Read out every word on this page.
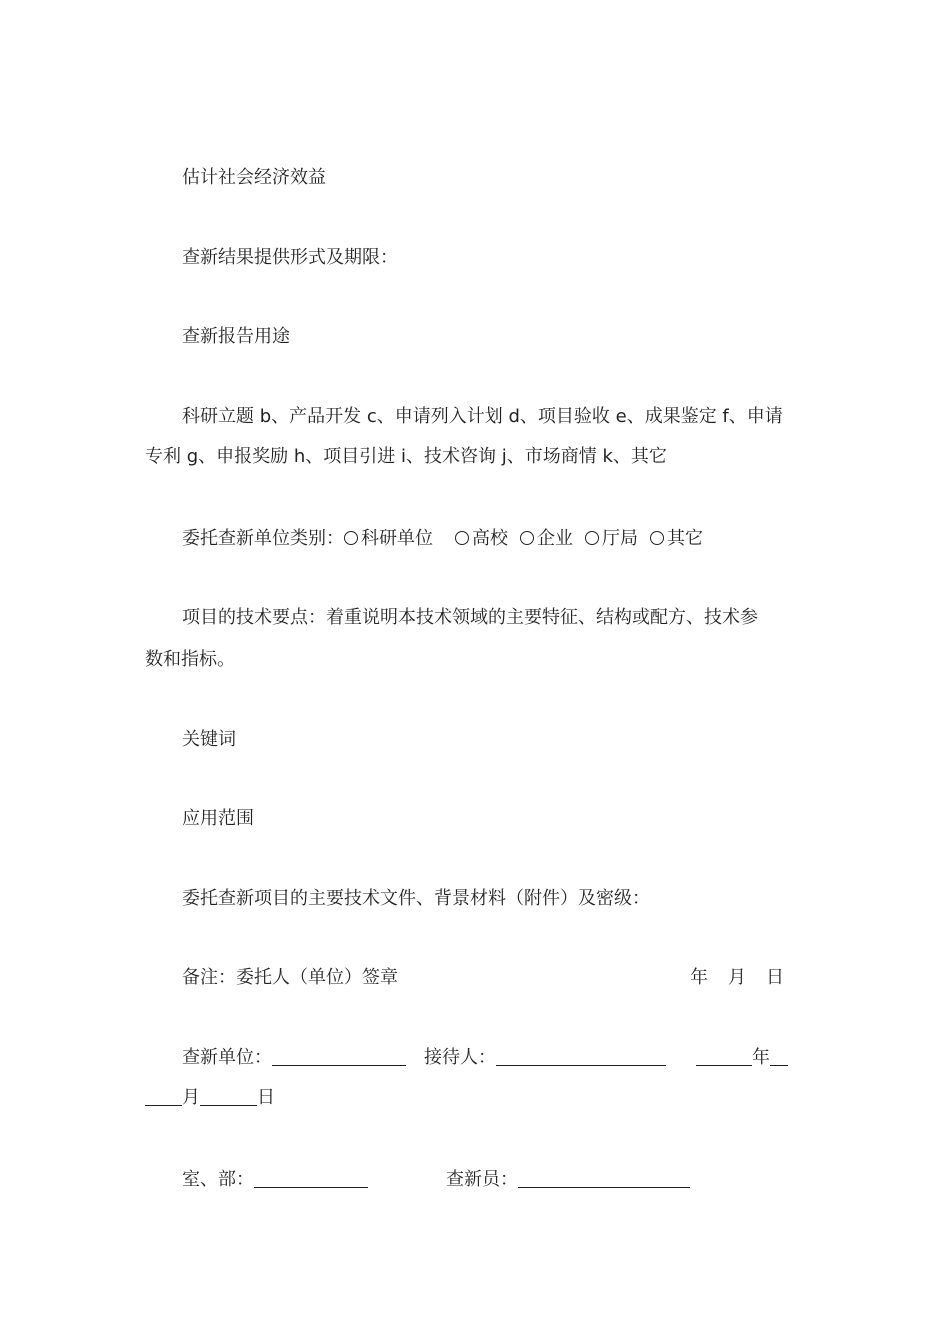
估计社会经济效益
查新结果提供形式及期限：
查新报告用途
科研立题 b、产品开发 c、申请列入计划 d、项目验收 e、成果鉴定 f、申请
专利 g、申报奖励 h、项目引进 i、技术咨询 j、市场商情 k、其它
委托查新单位类别： 科研单位 高校 企业 厅局 其它
项目的技术要点：着重说明本技术领域的主要特征、结构或配方、技术参
数和指标。
关键词
应用范围
委托查新项目的主要技术文件、背景材料（附件）及密级：
备注：委托人（单位）签章	年 月 日
查新单位：	接待人：	年
月	日
室、部：	查新员：
